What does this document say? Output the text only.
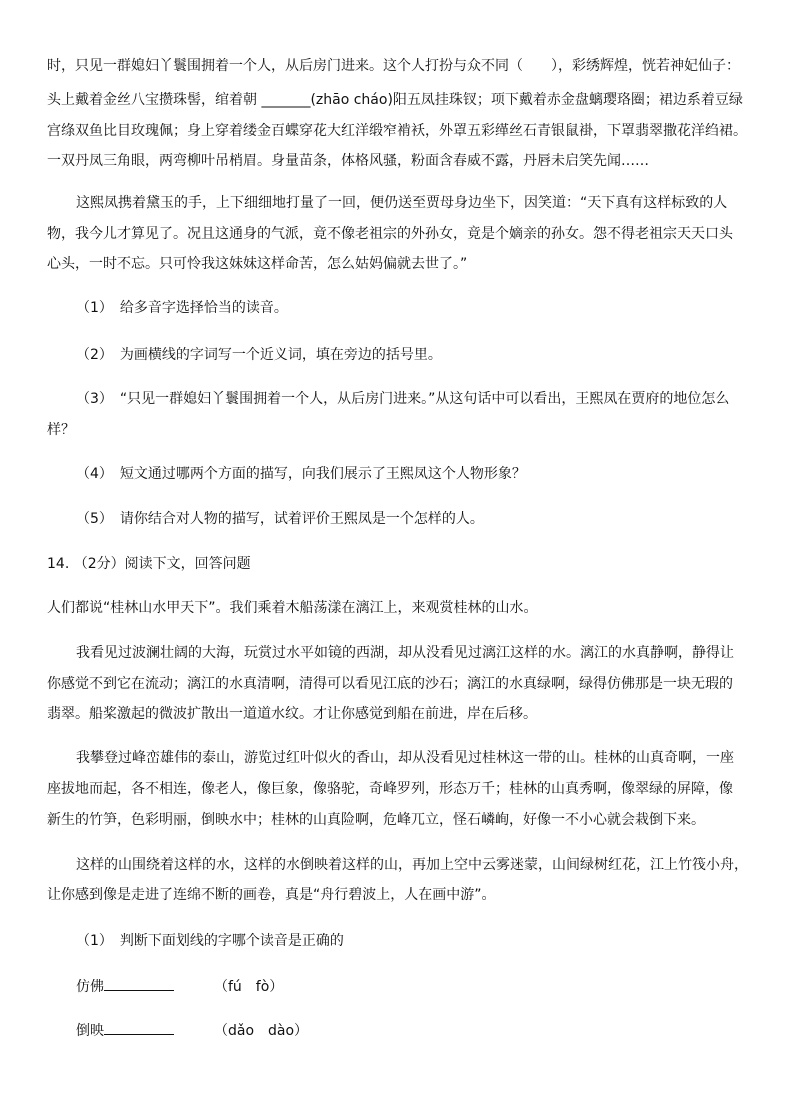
时，只见一群媳妇丫鬟围拥着一个人，从后房门进来。这个人打扮与众不同（　　），彩绣辉煌，恍若神妃仙子：
头上戴着金丝八宝攒珠髻，绾着朝 _______(zhāo cháo)阳五凤挂珠钗；项下戴着赤金盘螭璎珞圈；裙边系着豆绿
宫绦双鱼比目玫瑰佩；身上穿着缕金百蝶穿花大红洋缎窄褃袄，外罩五彩缂丝石青银鼠褂，下罩翡翠撒花洋绉裙。
一双丹凤三角眼，两弯柳叶吊梢眉。身量苗条，体格风骚，粉面含春威不露，丹唇未启笑先闻……
这熙凤携着黛玉的手，上下细细地打量了一回，便仍送至贾母身边坐下，因笑道：“天下真有这样标致的人
物，我今儿才算见了。况且这通身的气派，竟不像老祖宗的外孙女，竟是个嫡亲的孙女。怨不得老祖宗天天口头
心头，一时不忘。只可怜我这妹妹这样命苦，怎么姑妈偏就去世了。”
（1）　给多音字选择恰当的读音。
（2）　为画横线的字词写一个近义词，填在旁边的括号里。
（3）　“只见一群媳妇丫鬟围拥着一个人，从后房门进来。”从这句话中可以看出，王熙凤在贾府的地位怎么
样？
（4）　短文通过哪两个方面的描写，向我们展示了王熙凤这个人物形象？
（5）　请你结合对人物的描写，试着评价王熙凤是一个怎样的人。
14. （2分）阅读下文，回答问题
人们都说“桂林山水甲天下”。我们乘着木船荡漾在漓江上，来观赏桂林的山水。
我看见过波澜壮阔的大海，玩赏过水平如镜的西湖，却从没看见过漓江这样的水。漓江的水真静啊，静得让
你感觉不到它在流动；漓江的水真清啊，清得可以看见江底的沙石；漓江的水真绿啊，绿得仿佛那是一块无瑕的
翡翠。船桨激起的微波扩散出一道道水纹。才让你感觉到船在前进，岸在后移。
我攀登过峰峦雄伟的泰山，游览过红叶似火的香山，却从没看见过桂林这一带的山。桂林的山真奇啊，一座
座拔地而起，各不相连，像老人，像巨象，像骆驼，奇峰罗列，形态万千；桂林的山真秀啊，像翠绿的屏障，像
新生的竹笋，色彩明丽，倒映水中；桂林的山真险啊，危峰兀立，怪石嶙峋，好像一不小心就会栽倒下来。
这样的山围绕着这样的水，这样的水倒映着这样的山，再加上空中云雾迷蒙，山间绿树红花，江上竹筏小舟，
让你感到像是走进了连绵不断的画卷，真是“舟行碧波上，人在画中游”。
（1）　判断下面划线的字哪个读音是正确的
仿佛	（fú　fò）
倒映	（dǎo　dào）
